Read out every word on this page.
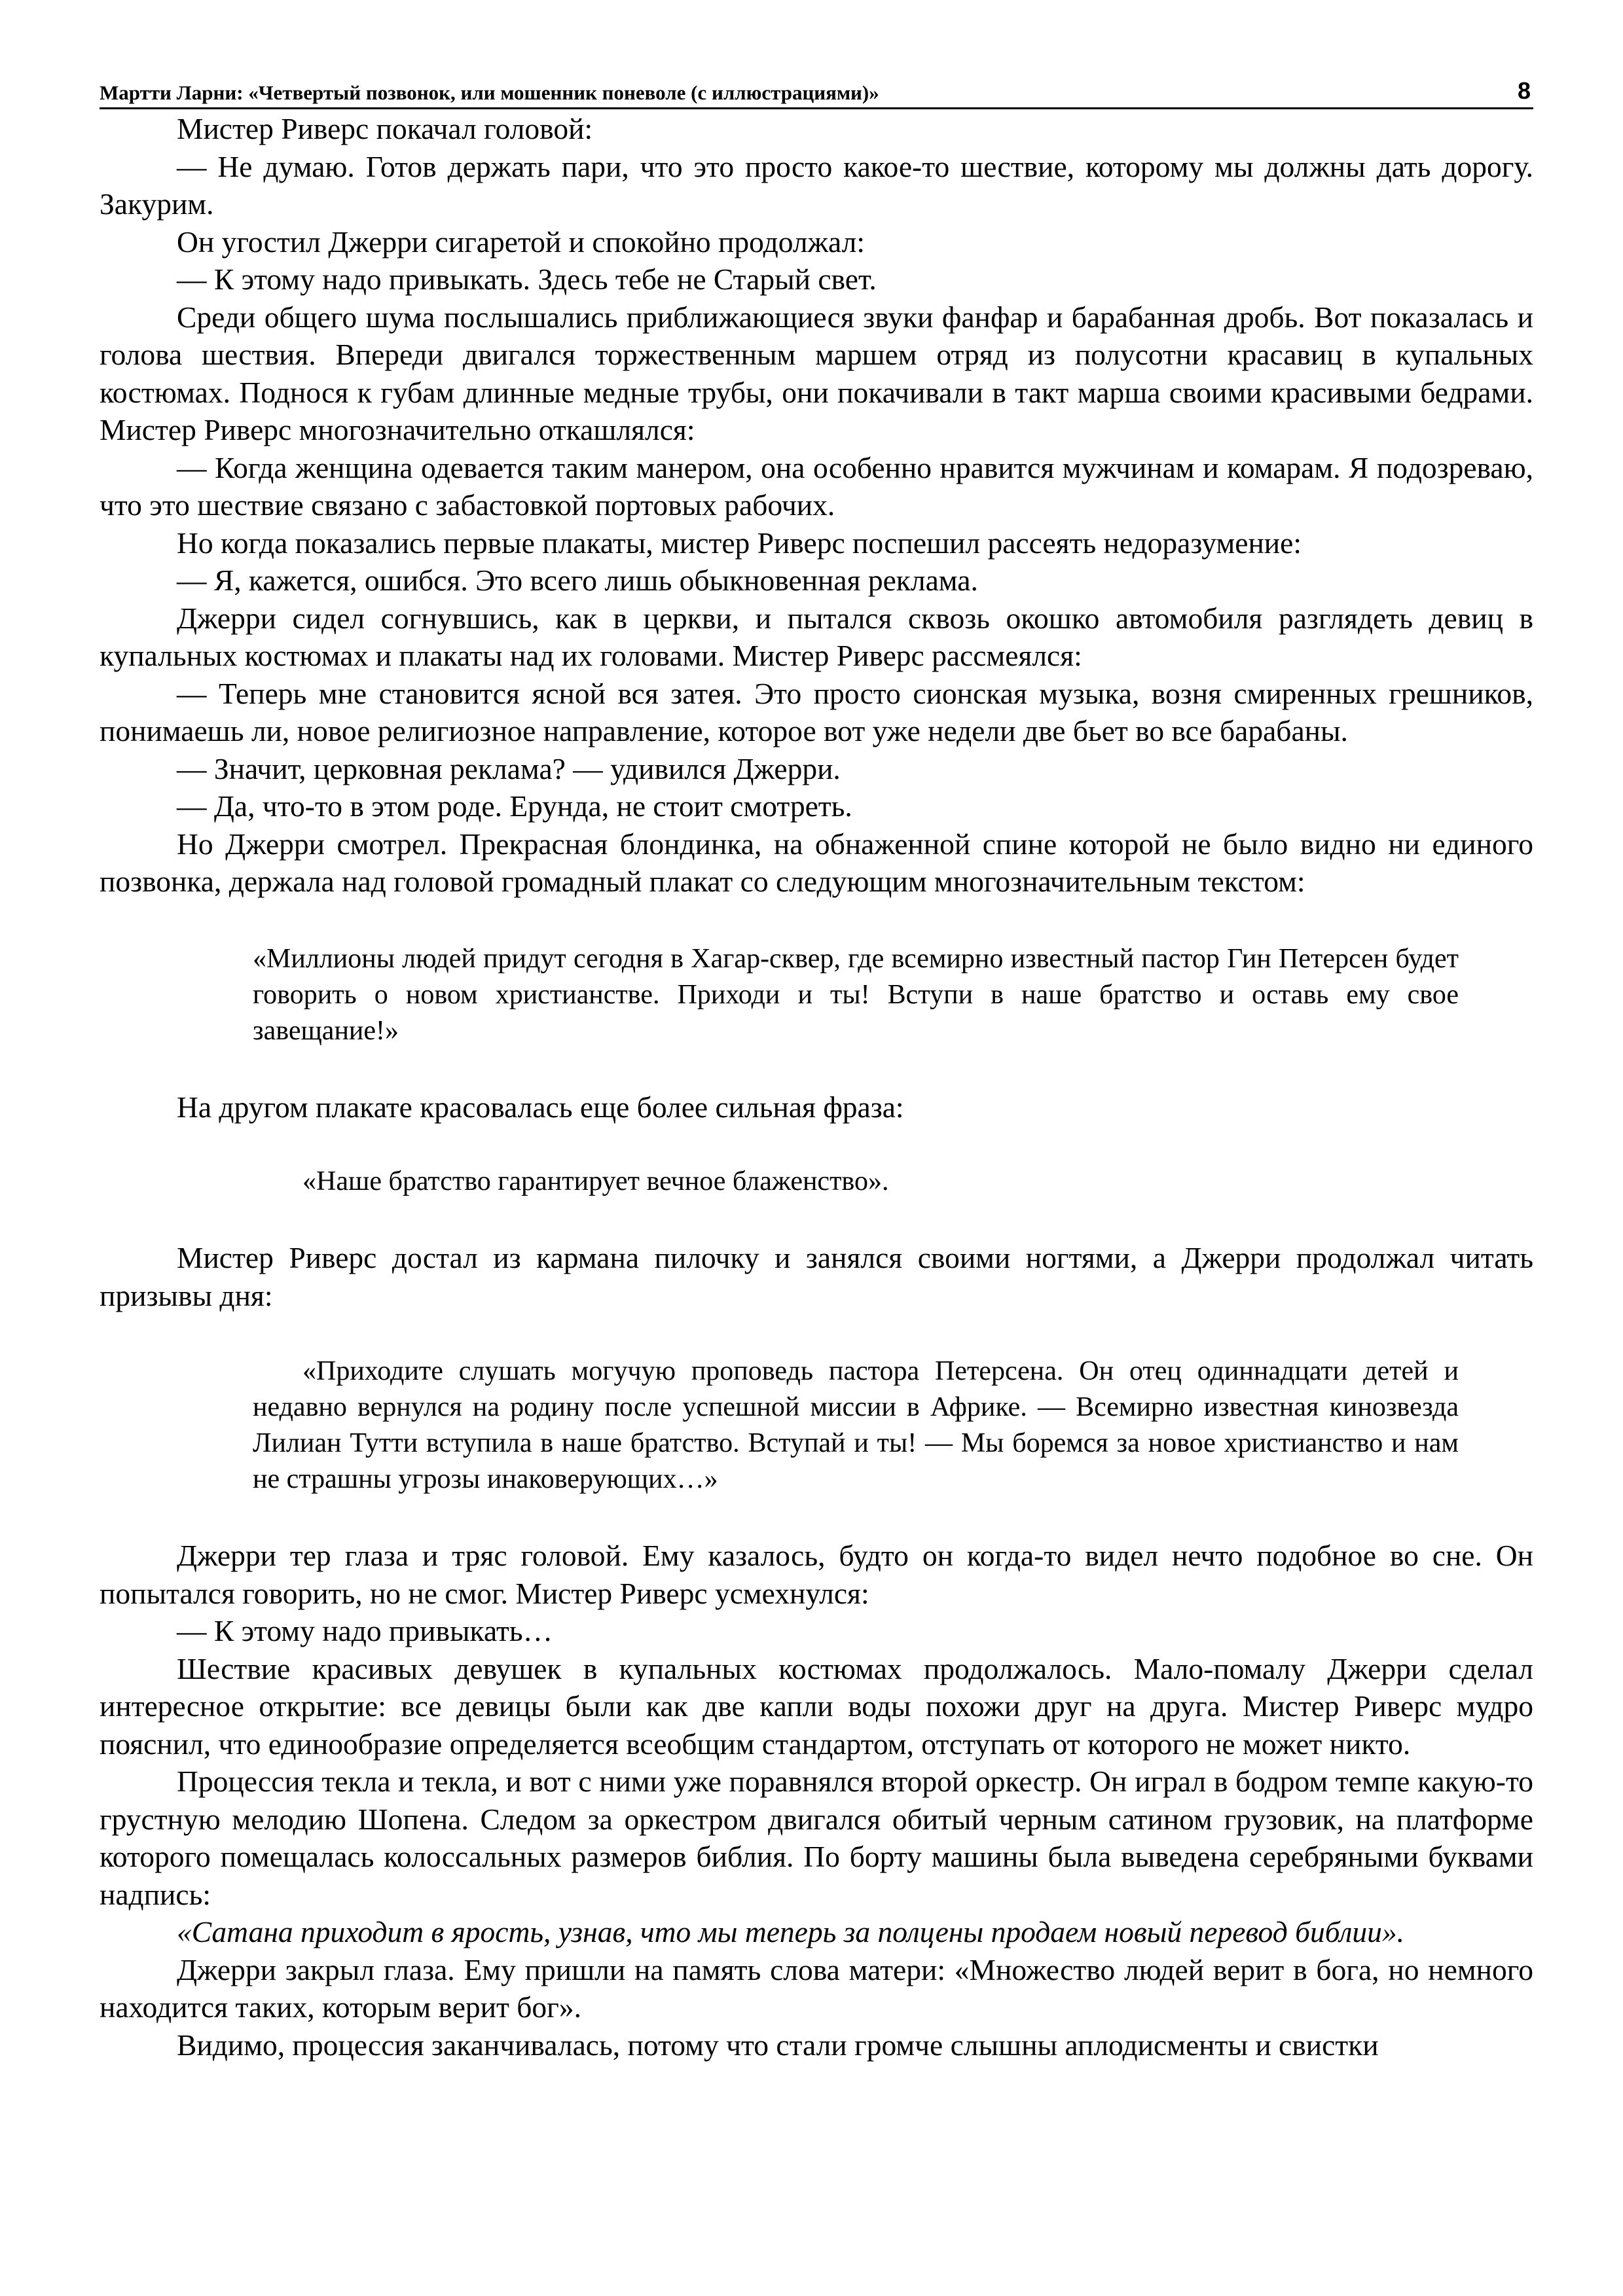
Мартти Ларни: «Четвертый позвонок, или мошенник поневоле (с иллюстрациями)»	8

Мистер Риверс покачал головой:

— Не думаю. Готов держать пари, что это просто какое-то шествие, которому мы должны дать дорогу. Закурим.

Он угостил Джерри сигаретой и спокойно продолжал:

— К этому надо привыкать. Здесь тебе не Старый свет.

Среди общего шума послышались приближающиеся звуки фанфар и барабанная дробь. Вот показалась и голова шествия. Впереди двигался торжественным маршем отряд из полусотни красавиц в купальных костюмах. Поднося к губам длинные медные трубы, они покачивали в такт марша своими красивыми бедрами. Мистер Риверс многозначительно откашлялся:

— Когда женщина одевается таким манером, она особенно нравится мужчинам и комарам. Я подозреваю, что это шествие связано с забастовкой портовых рабочих.

Но когда показались первые плакаты, мистер Риверс поспешил рассеять недоразумение:

— Я, кажется, ошибся. Это всего лишь обыкновенная реклама.

Джерри сидел согнувшись, как в церкви, и пытался сквозь окошко автомобиля разглядеть девиц в купальных костюмах и плакаты над их головами. Мистер Риверс рассмеялся:

— Теперь мне становится ясной вся затея. Это просто сионская музыка, возня смиренных грешников, понимаешь ли, новое религиозное направление, которое вот уже недели две бьет во все барабаны.

— Значит, церковная реклама? — удивился Джерри.

— Да, что-то в этом роде. Ерунда, не стоит смотреть.

Но Джерри смотрел. Прекрасная блондинка, на обнаженной спине которой не было видно ни единого позвонка, держала над головой громадный плакат со следующим многозначительным текстом:

«Миллионы людей придут сегодня в Хагар-сквер, где всемирно известный пастор Гин Петерсен будет говорить о новом христианстве. Приходи и ты! Вступи в наше братство и оставь ему свое завещание!»

На другом плакате красовалась еще более сильная фраза:

«Наше братство гарантирует вечное блаженство».

Мистер Риверс достал из кармана пилочку и занялся своими ногтями, а Джерри продолжал читать призывы дня:

«Приходите слушать могучую проповедь пастора Петерсена. Он отец одиннадцати детей и недавно вернулся на родину после успешной миссии в Африке. — Всемирно известная кинозвезда Лилиан Тутти вступила в наше братство. Вступай и ты! — Мы боремся за новое христианство и нам не страшны угрозы инаковерующих…»

Джерри тер глаза и тряс головой. Ему казалось, будто он когда-то видел нечто подобное во сне. Он попытался говорить, но не смог. Мистер Риверс усмехнулся:

— К этому надо привыкать…

Шествие красивых девушек в купальных костюмах продолжалось. Мало-помалу Джерри сделал интересное открытие: все девицы были как две капли воды похожи друг на друга. Мистер Риверс мудро пояснил, что единообразие определяется всеобщим стандартом, отступать от которого не может никто.

Процессия текла и текла, и вот с ними уже поравнялся второй оркестр. Он играл в бодром темпе какую-то грустную мелодию Шопена. Следом за оркестром двигался обитый черным сатином грузовик, на платформе которого помещалась колоссальных размеров библия. По борту машины была выведена серебряными буквами надпись:

«Сатана приходит в ярость, узнав, что мы теперь за полцены продаем новый перевод библии».

Джерри закрыл глаза. Ему пришли на память слова матери: «Множество людей верит в бога, но немного находится таких, которым верит бог».

Видимо, процессия заканчивалась, потому что стали громче слышны аплодисменты и свистки
